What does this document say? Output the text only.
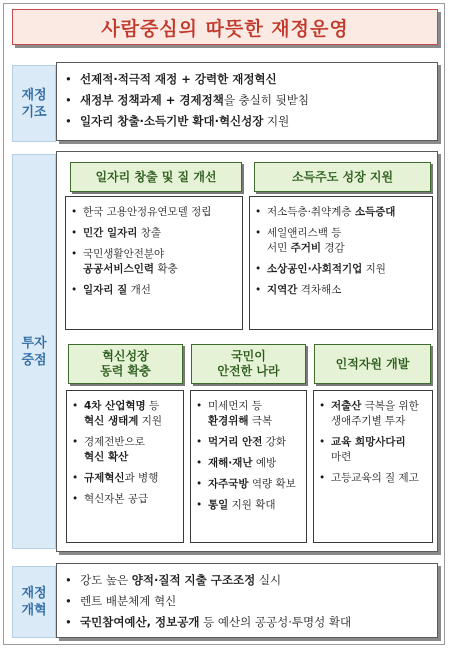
사람중심의 따뜻한 재정운영
재정
기조
• 선제적·적극적 재정 + 강력한 재정혁신
• 새정부 정책과제 + 경제정책을 충실히 뒷받침
• 일자리 창출·소득기반 확대·혁신성장 지원
투자
중점
일자리 창출 및 질 개선	소득주도 성장 지원
• 한국 고용안정유연모델 정립
• 민간 일자리 창출
• 국민생활안전분야
공공서비스인력 확충
• 일자리 질 개선
• 저소득층·취약계층 소득증대
• 세일앤리스백 등
서민 주거비 경감
• 소상공인·사회적기업 지원
• 지역간 격차해소
혁신성장
동력 확충
국민이
안전한 나라
인적자원 개발
• 4차 산업혁명 등
혁신 생태계 지원
• 경제전반으로
혁신 확산
• 규제혁신과 병행
• 혁신자본 공급
• 미세먼지 등
환경위해 극복
• 먹거리 안전 강화
• 재해·재난 예방
• 자주국방 역량 확보
• 통일 지원 확대
• 저출산 극복을 위한
생애주기별 투자
• 교육 희망사다리
마련
• 고등교육의 질 제고
재정
개혁
• 강도 높은 양적·질적 지출 구조조정 실시
• 렌트 배분체계 혁신
• 국민참여예산, 정보공개 등 예산의 공공성·투명성 확대
